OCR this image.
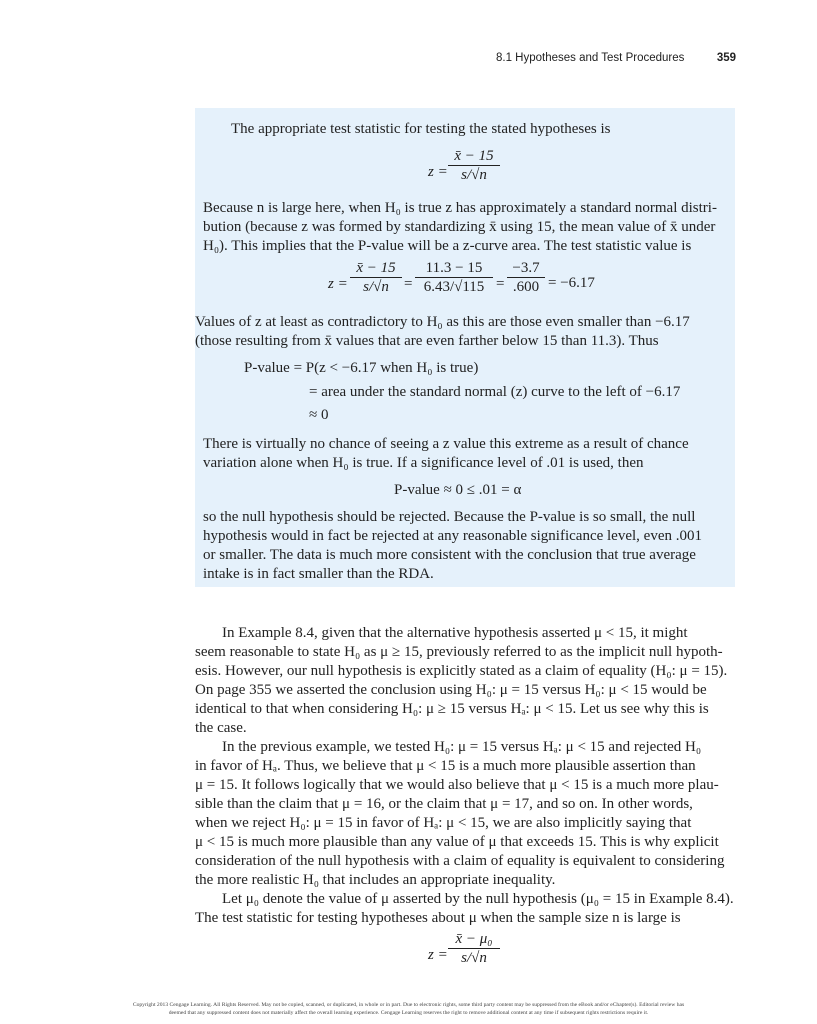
8.1 Hypotheses and Test Procedures	359
The appropriate test statistic for testing the stated hypotheses is
$z = \frac{x̄ - 15}{s/√n}$
Because n is large here, when H₀ is true z has approximately a standard normal distri-
bution (because z was formed by standardizing x̄ using 15, the mean value of x̄ under
H₀). This implies that the P-value will be a z-curve area. The test statistic value is
$z = \frac{x̄ - 15}{s/√n} = \frac{11.3 - 15}{6.43/√115} = \frac{-3.7}{.600} = -6.17$
Values of z at least as contradictory to H₀ as this are those even smaller than −6.17
(those resulting from x̄ values that are even farther below 15 than 11.3). Thus
P-value = P(z < −6.17 when H₀ is true)
= area under the standard normal (z) curve to the left of −6.17
≈ 0
There is virtually no chance of seeing a z value this extreme as a result of chance
variation alone when H₀ is true. If a significance level of .01 is used, then
P-value ≈ 0 ≤ .01 = α
so the null hypothesis should be rejected. Because the P-value is so small, the null
hypothesis would in fact be rejected at any reasonable significance level, even .001
or smaller. The data is much more consistent with the conclusion that true average
intake is in fact smaller than the RDA.
In Example 8.4, given that the alternative hypothesis asserted μ < 15, it might
seem reasonable to state H₀ as μ ≥ 15, previously referred to as the implicit null hypoth-
esis. However, our null hypothesis is explicitly stated as a claim of equality (H₀: μ = 15).
On page 355 we asserted the conclusion using H₀: μ = 15 versus H₀: μ < 15 would be
identical to that when considering H₀: μ ≥ 15 versus Hₐ: μ < 15. Let us see why this is
the case.
In the previous example, we tested H₀: μ = 15 versus Hₐ: μ < 15 and rejected H₀
in favor of Hₐ. Thus, we believe that μ < 15 is a much more plausible assertion than
μ = 15. It follows logically that we would also believe that μ < 15 is a much more plau-
sible than the claim that μ = 16, or the claim that μ = 17, and so on. In other words,
when we reject H₀: μ = 15 in favor of Hₐ: μ < 15, we are also implicitly saying that
μ < 15 is much more plausible than any value of μ that exceeds 15. This is why explicit
consideration of the null hypothesis with a claim of equality is equivalent to considering
the more realistic H₀ that includes an appropriate inequality.
Let μ₀ denote the value of μ asserted by the null hypothesis (μ₀ = 15 in Example 8.4).
The test statistic for testing hypotheses about μ when the sample size n is large is
$z = \frac{\text{x̄ − μ₀}}{s/√n}$
Copyright 2013 Cengage Learning. All Rights Reserved. May not be copied, scanned, or duplicated, in whole or in part. Due to electronic rights, some third party content may be suppressed from the eBook and/or eChapter(s). Editorial review has
deemed that any suppressed content does not materially affect the overall learning experience. Cengage Learning reserves the right to remove additional content at any time if subsequent rights restrictions require it.
